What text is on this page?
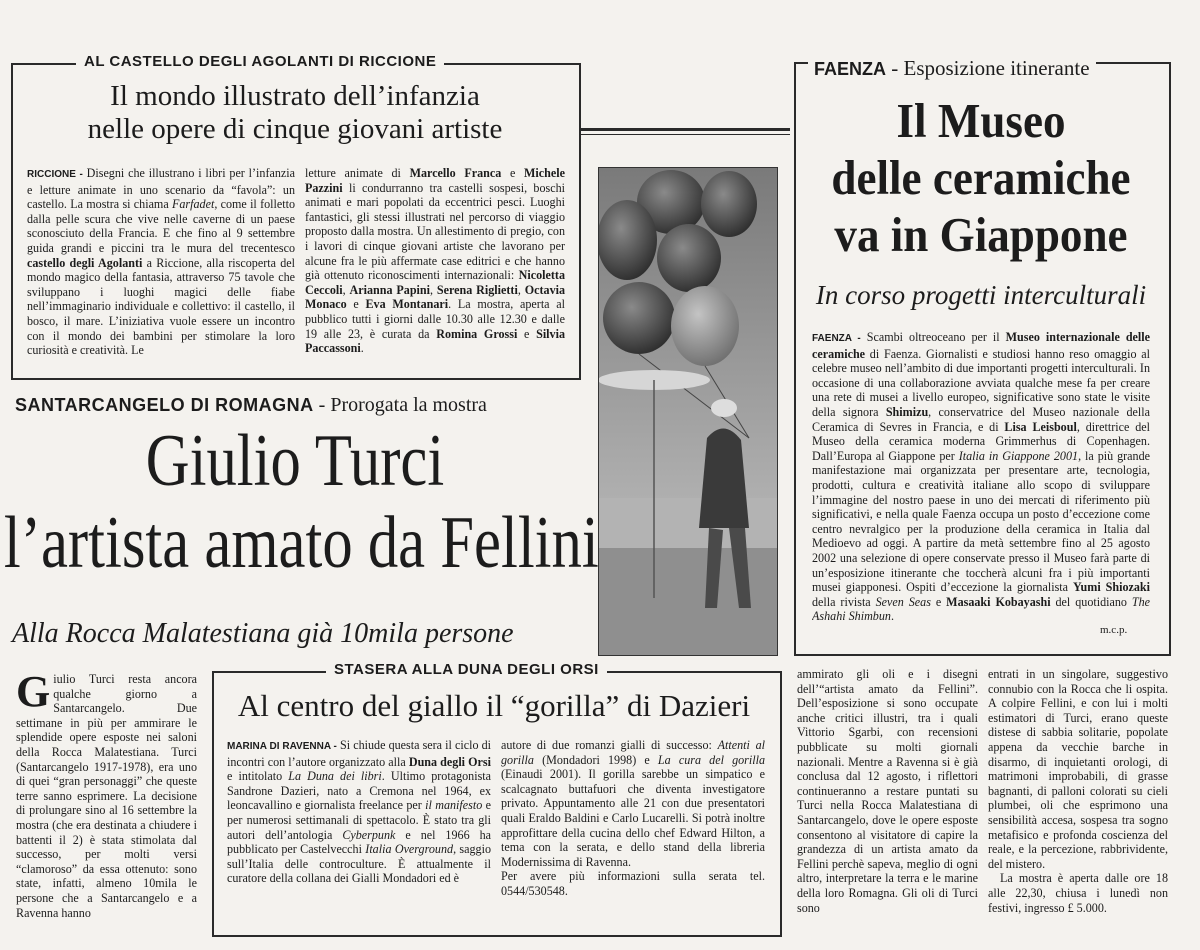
AL CASTELLO DEGLI AGOLANTI DI RICCIONE
Il mondo illustrato dell’infanzia
nelle opere di cinque giovani artiste

RICCIONE - Disegni che illustrano i libri per l’infanzia e letture animate in uno scenario da “favola”: un castello. La mostra si chiama Farfadet, come il folletto dalla pelle scura che vive nelle caverne di un paese sconosciuto della Francia. E che fino al 9 settembre guida grandi e piccini tra le mura del trecentesco castello degli Agolanti a Riccione, alla riscoperta del mondo magico della fantasia, attraverso 75 tavole che sviluppano i luoghi magici delle fiabe nell’immaginario individuale e collettivo: il castello, il bosco, il mare. L’iniziativa vuole essere un incontro con il mondo dei bambini per stimolare la loro curiosità e creatività. Le

letture animate di Marcello Franca e Michele Pazzini li condurranno tra castelli sospesi, boschi animati e mari popolati da eccentrici pesci. Luoghi fantastici, gli stessi illustrati nel percorso di viaggio proposto dalla mostra. Un allestimento di pregio, con i lavori di cinque giovani artiste che lavorano per alcune fra le più affermate case editrici e che hanno già ottenuto riconoscimenti internazionali: Nicoletta Ceccoli, Arianna Papini, Serena Riglietti, Octavia Monaco e Eva Montanari. La mostra, aperta al pubblico tutti i giorni dalle 10.30 alle 12.30 e dalle 19 alle 23, è curata da Romina Grossi e Silvia Paccassoni.

FAENZA - Esposizione itinerante
Il Museo
delle ceramiche
va in Giappone
In corso progetti interculturali

FAENZA - Scambi oltreoceano per il Museo internazionale delle ceramiche di Faenza. Giornalisti e studiosi hanno reso omaggio al celebre museo nell’ambito di due importanti progetti interculturali. In occasione di una collaborazione avviata qualche mese fa per creare una rete di musei a livello europeo, significative sono state le visite della signora Shimizu, conservatrice del Museo nazionale della Ceramica di Sevres in Francia, e di Lisa Leisboul, direttrice del Museo della ceramica moderna Grimmerhus di Copenhagen. Dall’Europa al Giappone per Italia in Giappone 2001, la più grande manifestazione mai organizzata per presentare arte, tecnologia, prodotti, cultura e creatività italiane allo scopo di sviluppare l’immagine del nostro paese in uno dei mercati di riferimento più significativi, e nella quale Faenza occupa un posto d’eccezione come centro nevralgico per la produzione della ceramica in Italia dal Medioevo ad oggi. A partire da metà settembre fino al 25 agosto 2002 una selezione di opere conservate presso il Museo farà parte di un’esposizione itinerante che toccherà alcuni fra i più importanti musei giapponesi. Ospiti d’eccezione la giornalista Yumi Shiozaki della rivista Seven Seas e Masaaki Kobayashi del quotidiano The Ashahi Shimbun.

m.c.p.
SANTARCANGELO DI ROMAGNA - Prorogata la mostra
Giulio Turci
l’artista amato da Fellini
Alla Rocca Malatestiana già 10mila persone

Giulio Turci resta ancora qualche giorno a Santarcangelo. Due settimane in più per ammirare le splendide opere esposte nei saloni della Rocca Malatestiana. Turci (Santarcangelo 1917-1978), era uno di quei “gran personaggi” che queste terre sanno esprimere. La decisione di prolungare sino al 16 settembre la mostra (che era destinata a chiudere i battenti il 2) è stata stimolata dal successo, per molti versi “clamoroso” da essa ottenuto: sono state, infatti, almeno 10mila le persone che a Santarcangelo e a Ravenna hanno

ammirato gli oli e i disegni dell’“artista amato da Fellini”. Dell’esposizione si sono occupate anche critici illustri, tra i quali Vittorio Sgarbi, con recensioni pubblicate su molti giornali nazionali. Mentre a Ravenna si è già conclusa dal 12 agosto, i riflettori continueranno a restare puntati su Turci nella Rocca Malatestiana di Santarcangelo, dove le opere esposte consentono al visitatore di capire la grandezza di un artista amato da Fellini perchè sapeva, meglio di ogni altro, interpretare la terra e le marine della loro Romagna. Gli oli di Turci sono

entrati in un singolare, suggestivo connubio con la Rocca che li ospita. A colpire Fellini, e con lui i molti estimatori di Turci, erano queste distese di sabbia solitarie, popolate appena da vecchie barche in disarmo, di inquietanti orologi, di matrimoni improbabili, di grasse bagnanti, di palloni colorati su cieli plumbei, oli che esprimono una sensibilità accesa, sospesa tra sogno metafisico e profonda coscienza del reale, e la percezione, rabbrividente, del mistero.

La mostra è aperta dalle ore 18 alle 22,30, chiusa i lunedì non festivi, ingresso £ 5.000.

STASERA ALLA DUNA DEGLI ORSI
Al centro del giallo il “gorilla” di Dazieri

MARINA DI RAVENNA - Si chiude questa sera il ciclo di incontri con l’autore organizzato alla Duna degli Orsi e intitolato La Duna dei libri. Ultimo protagonista Sandrone Dazieri, nato a Cremona nel 1964, ex leoncavallino e giornalista freelance per il manifesto e per numerosi settimanali di spettacolo. È stato tra gli autori dell’antologia Cyberpunk e nel 1966 ha pubblicato per Castelvecchi Italia Overground, saggio sull’Italia delle controculture. È attualmente il curatore della collana dei Gialli Mondadori ed è

autore di due romanzi gialli di successo: Attenti al gorilla (Mondadori 1998) e La cura del gorilla (Einaudi 2001). Il gorilla sarebbe un simpatico e scalcagnato buttafuori che diventa investigatore privato. Appuntamento alle 21 con due presentatori quali Eraldo Baldini e Carlo Lucarelli. Si potrà inoltre approfittare della cucina dello chef Edward Hilton, a tema con la serata, e dello stand della libreria Modernissima di Ravenna.

Per avere più informazioni sulla serata tel. 0544/530548.
